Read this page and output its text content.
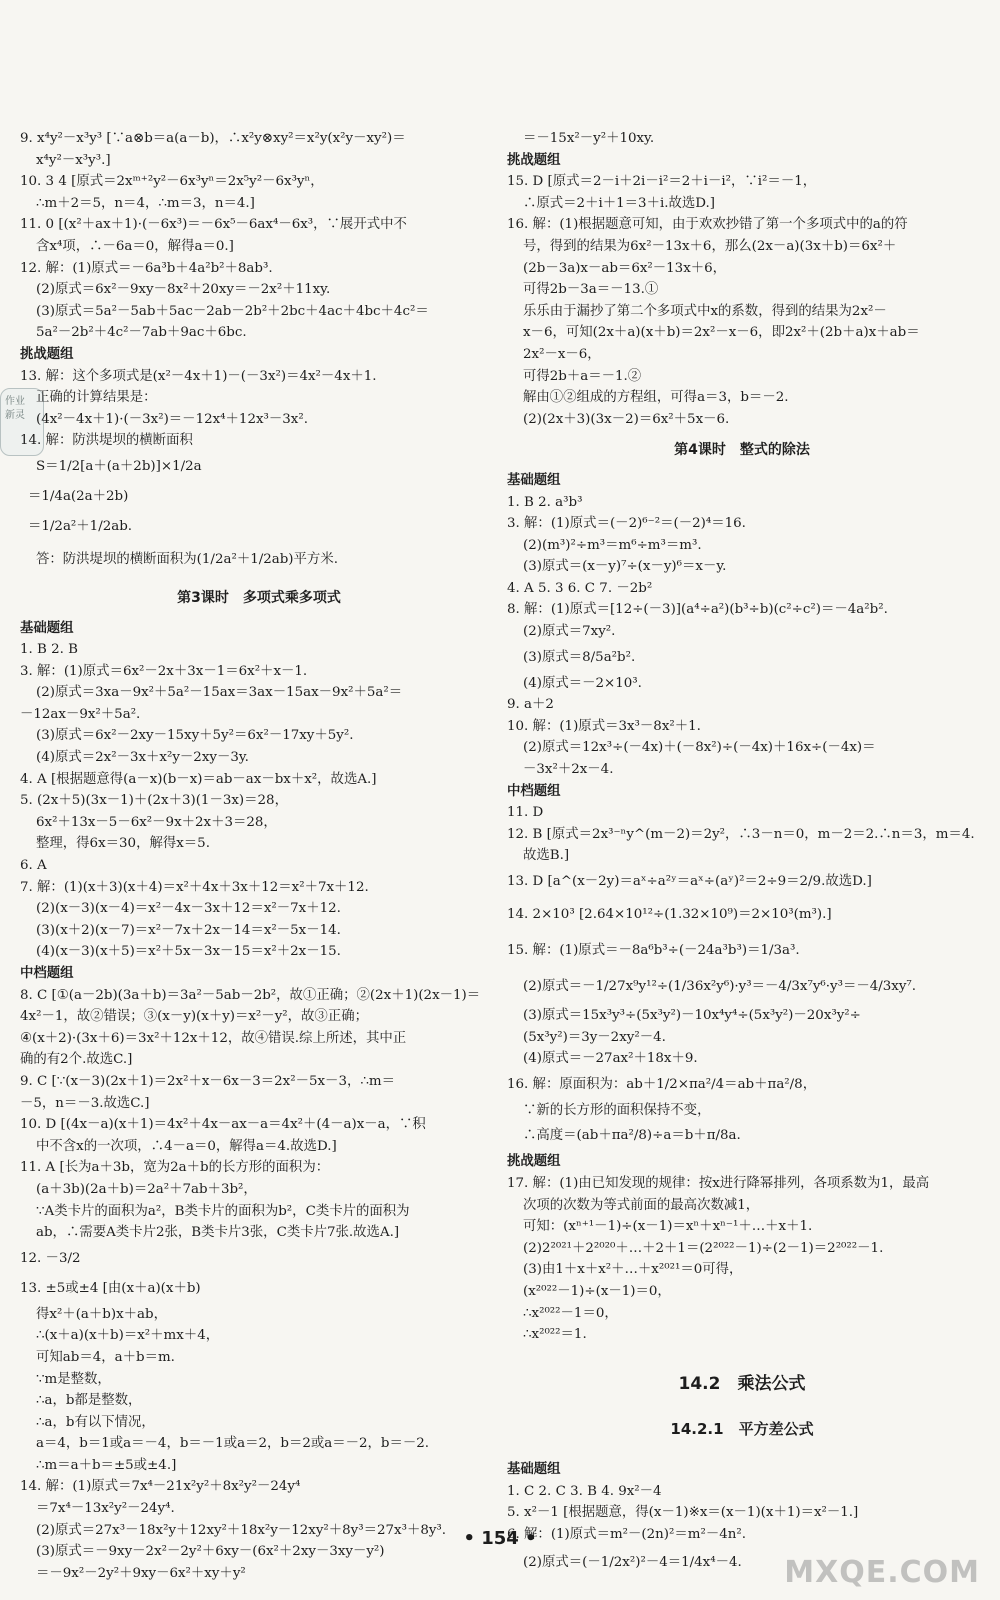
作业
新灵
9. x⁴y²－x³y³ [∵a⊗b＝a(a－b)，∴x²y⊗xy²＝x²y(x²y－xy²)＝
x⁴y²－x³y³.]
10. 3 4 [原式＝2xᵐ⁺²y²－6x³yⁿ＝2x⁵y²－6x³yⁿ，
∴m＋2＝5，n＝4，∴m＝3，n＝4.]
11. 0 [(x²＋ax＋1)·(－6x³)＝－6x⁵－6ax⁴－6x³，∵展开式中不
含x⁴项，∴－6a＝0，解得a＝0.]
12. 解：(1)原式＝－6a³b＋4a²b²＋8ab³.
(2)原式＝6x²－9xy－8x²＋20xy＝－2x²＋11xy.
(3)原式＝5a²－5ab＋5ac－2ab－2b²＋2bc＋4ac＋4bc＋4c²＝
5a²－2b²＋4c²－7ab＋9ac＋6bc.
挑战题组
13. 解：这个多项式是(x²－4x＋1)－(－3x²)＝4x²－4x＋1.
正确的计算结果是：
(4x²－4x＋1)·(－3x²)＝－12x⁴＋12x³－3x².
14. 解：防洪堤坝的横断面积
S＝1/2[a＋(a＋2b)]×1/2a
＝1/4a(2a＋2b)
＝1/2a²＋1/2ab.
答：防洪堤坝的横断面积为(1/2a²＋1/2ab)平方米.
第3课时　多项式乘多项式
基础题组
1. B 2. B
3. 解：(1)原式＝6x²－2x＋3x－1＝6x²＋x－1.
(2)原式＝3xa－9x²＋5a²－15ax＝3ax－15ax－9x²＋5a²＝
－12ax－9x²＋5a².
(3)原式＝6x²－2xy－15xy＋5y²＝6x²－17xy＋5y².
(4)原式＝2x²－3x＋x²y－2xy－3y.
4. A [根据题意得(a－x)(b－x)＝ab－ax－bx＋x²，故选A.]
5. (2x＋5)(3x－1)＋(2x＋3)(1－3x)＝28，
6x²＋13x－5－6x²－9x＋2x＋3＝28，
整理，得6x＝30，解得x＝5.
6. A
7. 解：(1)(x＋3)(x＋4)＝x²＋4x＋3x＋12＝x²＋7x＋12.
(2)(x－3)(x－4)＝x²－4x－3x＋12＝x²－7x＋12.
(3)(x＋2)(x－7)＝x²－7x＋2x－14＝x²－5x－14.
(4)(x－3)(x＋5)＝x²＋5x－3x－15＝x²＋2x－15.
中档题组
8. C [①(a－2b)(3a＋b)＝3a²－5ab－2b²，故①正确；②(2x＋1)(2x－1)＝
4x²－1，故②错误；③(x－y)(x＋y)＝x²－y²，故③正确；
④(x＋2)·(3x＋6)＝3x²＋12x＋12，故④错误.综上所述，其中正
确的有2个.故选C.]
9. C [∵(x－3)(2x＋1)＝2x²＋x－6x－3＝2x²－5x－3，∴m＝
－5，n＝－3.故选C.]
10. D [(4x－a)(x＋1)＝4x²＋4x－ax－a＝4x²＋(4－a)x－a，∵积
中不含x的一次项，∴4－a＝0，解得a＝4.故选D.]
11. A [长为a＋3b，宽为2a＋b的长方形的面积为：
(a＋3b)(2a＋b)＝2a²＋7ab＋3b²，
∵A类卡片的面积为a²，B类卡片的面积为b²，C类卡片的面积为
ab，∴需要A类卡片2张，B类卡片3张，C类卡片7张.故选A.]
12. －3/2
13. ±5或±4 [由(x＋a)(x＋b)
得x²＋(a＋b)x＋ab，
∴(x＋a)(x＋b)＝x²＋mx＋4，
可知ab＝4，a＋b＝m.
∵m是整数，
∴a，b都是整数，
∴a，b有以下情况，
a＝4，b＝1或a＝－4，b＝－1或a＝2，b＝2或a＝－2，b＝－2.
∴m＝a＋b＝±5或±4.]
14. 解：(1)原式＝7x⁴－21x²y²＋8x²y²－24y⁴
＝7x⁴－13x²y²－24y⁴.
(2)原式＝27x³－18x²y＋12xy²＋18x²y－12xy²＋8y³＝27x³＋8y³.
(3)原式＝－9xy－2x²－2y²＋6xy－(6x²＋2xy－3xy－y²)
＝－9x²－2y²＋9xy－6x²＋xy＋y²
＝－15x²－y²＋10xy.
挑战题组
15. D [原式＝2－i＋2i－i²＝2＋i－i²，∵i²＝－1，
∴原式＝2＋i＋1＝3＋i.故选D.]
16. 解：(1)根据题意可知，由于欢欢抄错了第一个多项式中的a的符
号，得到的结果为6x²－13x＋6，那么(2x－a)(3x＋b)＝6x²＋
(2b－3a)x－ab＝6x²－13x＋6，
可得2b－3a＝－13.①
乐乐由于漏抄了第二个多项式中x的系数，得到的结果为2x²－
x－6，可知(2x＋a)(x＋b)＝2x²－x－6，即2x²＋(2b＋a)x＋ab＝
2x²－x－6，
可得2b＋a＝－1.②
解由①②组成的方程组，可得a＝3，b＝－2.
(2)(2x＋3)(3x－2)＝6x²＋5x－6.
第4课时　整式的除法
基础题组
1. B 2. a³b³
3. 解：(1)原式＝(－2)⁶⁻²＝(－2)⁴＝16.
(2)(m³)²÷m³＝m⁶÷m³＝m³.
(3)原式＝(x－y)⁷÷(x－y)⁶＝x－y.
4. A 5. 3 6. C 7. －2b²
8. 解：(1)原式＝[12÷(－3)](a⁴÷a²)(b³÷b)(c²÷c²)＝－4a²b².
(2)原式＝7xy².
(3)原式＝8/5a²b².
(4)原式＝－2×10³.
9. a＋2
10. 解：(1)原式＝3x³－8x²＋1.
(2)原式＝12x³÷(－4x)＋(－8x²)÷(－4x)＋16x÷(－4x)＝
－3x²＋2x－4.
中档题组
11. D
12. B [原式＝2x³⁻ⁿy^(m－2)＝2y²，∴3－n＝0，m－2＝2.∴n＝3，m＝4.
故选B.]
13. D [a^(x－2y)＝aˣ÷a²ʸ＝aˣ÷(aʸ)²＝2÷9＝2/9.故选D.]
14. 2×10³ [2.64×10¹²÷(1.32×10⁹)＝2×10³(m³).]
15. 解：(1)原式＝－8a⁶b³÷(－24a³b³)＝1/3a³.
(2)原式＝－1/27x⁹y¹²÷(1/36x²y⁶)·y³＝－4/3x⁷y⁶·y³＝－4/3xy⁷.
(3)原式＝15x³y³÷(5x³y²)－10x⁴y⁴÷(5x³y²)－20x³y²÷
(5x³y²)＝3y－2xy²－4.
(4)原式＝－27ax²＋18x＋9.
16. 解：原面积为：ab＋1/2×πa²/4＝ab＋πa²/8，
∵新的长方形的面积保持不变，
∴高度＝(ab＋πa²/8)÷a＝b＋π/8a.
挑战题组
17. 解：(1)由已知发现的规律：按x进行降幂排列，各项系数为1，最高
次项的次数为等式前面的最高次数减1，
可知：(xⁿ⁺¹－1)÷(x－1)＝xⁿ＋xⁿ⁻¹＋…＋x＋1.
(2)2²⁰²¹＋2²⁰²⁰＋…＋2＋1＝(2²⁰²²－1)÷(2－1)＝2²⁰²²－1.
(3)由1＋x＋x²＋…＋x²⁰²¹＝0可得，
(x²⁰²²－1)÷(x－1)＝0，
∴x²⁰²²－1＝0，
∴x²⁰²²＝1.
14.2　乘法公式
14.2.1　平方差公式
基础题组
1. C 2. C 3. B 4. 9x²－4
5. x²－1 [根据题意，得(x－1)※x＝(x－1)(x＋1)＝x²－1.]
6. 解：(1)原式＝m²－(2n)²＝m²－4n².
(2)原式＝(－1/2x²)²－4＝1/4x⁴－4.
• 154 •
MXQE.COM
